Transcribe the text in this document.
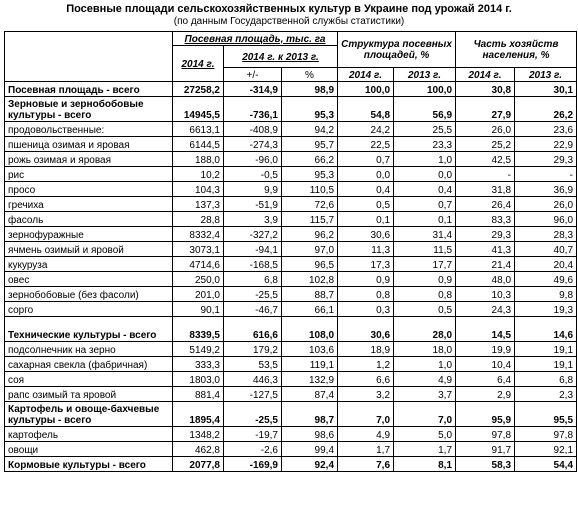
Посевные площади сельскохозяйственных культур в Украине под урожай 2014 г.
(по данным Государственной службы статистики)
	Посевная площадь, тыс. га			Структура посевных площадей, %		Часть хозяйств населения, %	
	2014 г.	2014 г. к 2013 г.					
		+/-	%	2014 г.	2013 г.	2014 г.	2013 г.
Посевная площадь - всего	27258,2	-314,9	98,9	100,0	100,0	30,8	30,1
Зерновые и зернобобовые культуры - всего	14945,5	-736,1	95,3	54,8	56,9	27,9	26,2
продовольственные:	6613,1	-408,9	94,2	24,2	25,5	26,0	23,6
пшеница озимая и яровая	6144,5	-274,3	95,7	22,5	23,3	25,2	22,9
рожь озимая и яровая	188,0	-96,0	66,2	0,7	1,0	42,5	29,3
рис	10,2	-0,5	95,3	0,0	0,0	-	-
просо	104,3	9,9	110,5	0,4	0,4	31,8	36,9
гречиха	137,3	-51,9	72,6	0,5	0,7	26,4	26,0
фасоль	28,8	3,9	115,7	0,1	0,1	83,3	96,0
зернофуражные	8332,4	-327,2	96,2	30,6	31,4	29,3	28,3
ячмень озимый и яровой	3073,1	-94,1	97,0	11,3	11,5	41,3	40,7
кукуруза	4714,6	-168,5	96,5	17,3	17,7	21,4	20,4
овес	250,0	6,8	102,8	0,9	0,9	48,0	49,6
зернобобовые (без фасоли)	201,0	-25,5	88,7	0,8	0,8	10,3	9,8
сорго	90,1	-46,7	66,1	0,3	0,5	24,3	19,3
Технические культуры - всего	8339,5	616,6	108,0	30,6	28,0	14,5	14,6
подсолнечник на зерно	5149,2	179,2	103,6	18,9	18,0	19,9	19,1
сахарная свекла (фабричная)	333,3	53,5	119,1	1,2	1,0	10,4	19,1
соя	1803,0	446,3	132,9	6,6	4,9	6,4	6,8
рапс озимый та яровой	881,4	-127,5	87,4	3,2	3,7	2,9	2,3
Картофель и овоще-бахчевые культуры - всего	1895,4	-25,5	98,7	7,0	7,0	95,9	95,5
картофель	1348,2	-19,7	98,6	4,9	5,0	97,8	97,8
овощи	462,8	-2,6	99,4	1,7	1,7	91,7	92,1
Кормовые культуры - всего	2077,8	-169,9	92,4	7,6	8,1	58,3	54,4
